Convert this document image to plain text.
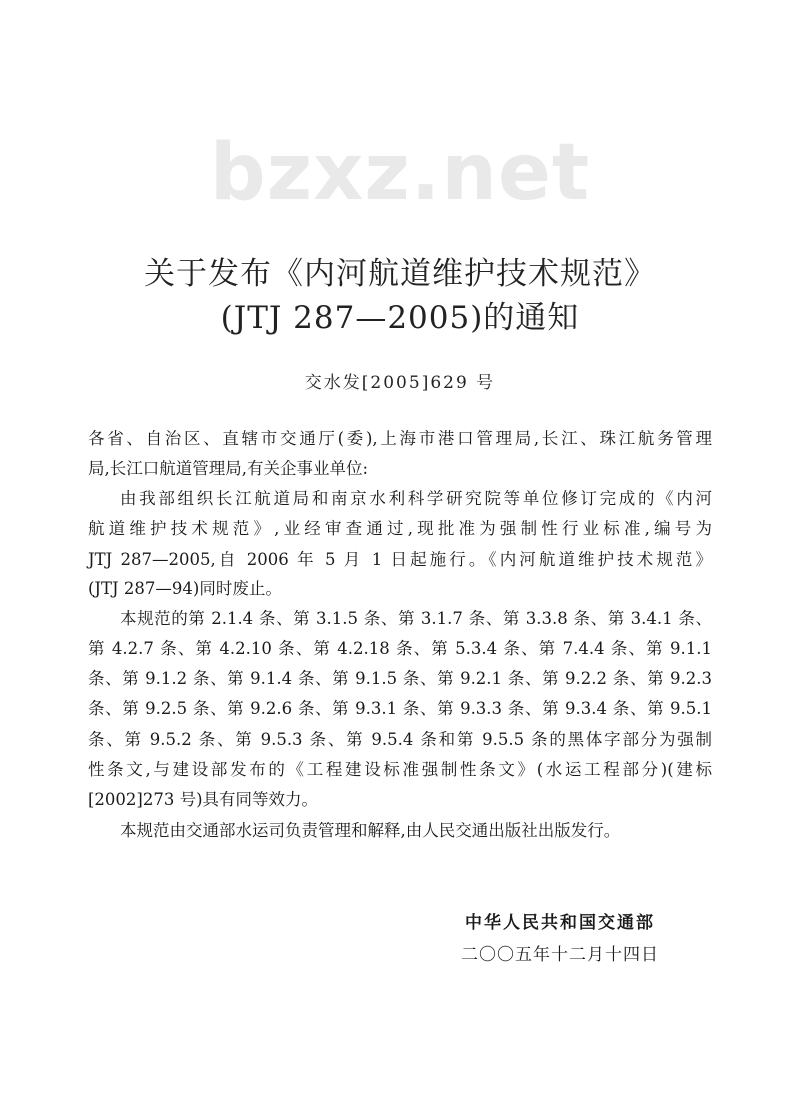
bzxz.net
关于发布《内河航道维护技术规范》
(JTJ 287—2005)的通知
交水发[2005]629 号
各省、自治区、直辖市交通厅(委),上海市港口管理局,长江、珠江航务管理
局,长江口航道管理局,有关企事业单位:
由我部组织长江航道局和南京水利科学研究院等单位修订完成的《内河
航道维护技术规范》,业经审查通过,现批准为强制性行业标准,编号为
JTJ 287—2005,自 2006 年 5 月 1 日起施行。《内河航道维护技术规范》
(JTJ 287—94)同时废止。
本规范的第 2.1.4 条、第 3.1.5 条、第 3.1.7 条、第 3.3.8 条、第 3.4.1 条、
第 4.2.7 条、第 4.2.10 条、第 4.2.18 条、第 5.3.4 条、第 7.4.4 条、第 9.1.1
条、第 9.1.2 条、第 9.1.4 条、第 9.1.5 条、第 9.2.1 条、第 9.2.2 条、第 9.2.3
条、第 9.2.5 条、第 9.2.6 条、第 9.3.1 条、第 9.3.3 条、第 9.3.4 条、第 9.5.1
条、第 9.5.2 条、第 9.5.3 条、第 9.5.4 条和第 9.5.5 条的黑体字部分为强制
性条文,与建设部发布的《工程建设标准强制性条文》(水运工程部分)(建标
[2002]273 号)具有同等效力。
本规范由交通部水运司负责管理和解释,由人民交通出版社出版发行。
中华人民共和国交通部
二〇〇五年十二月十四日
